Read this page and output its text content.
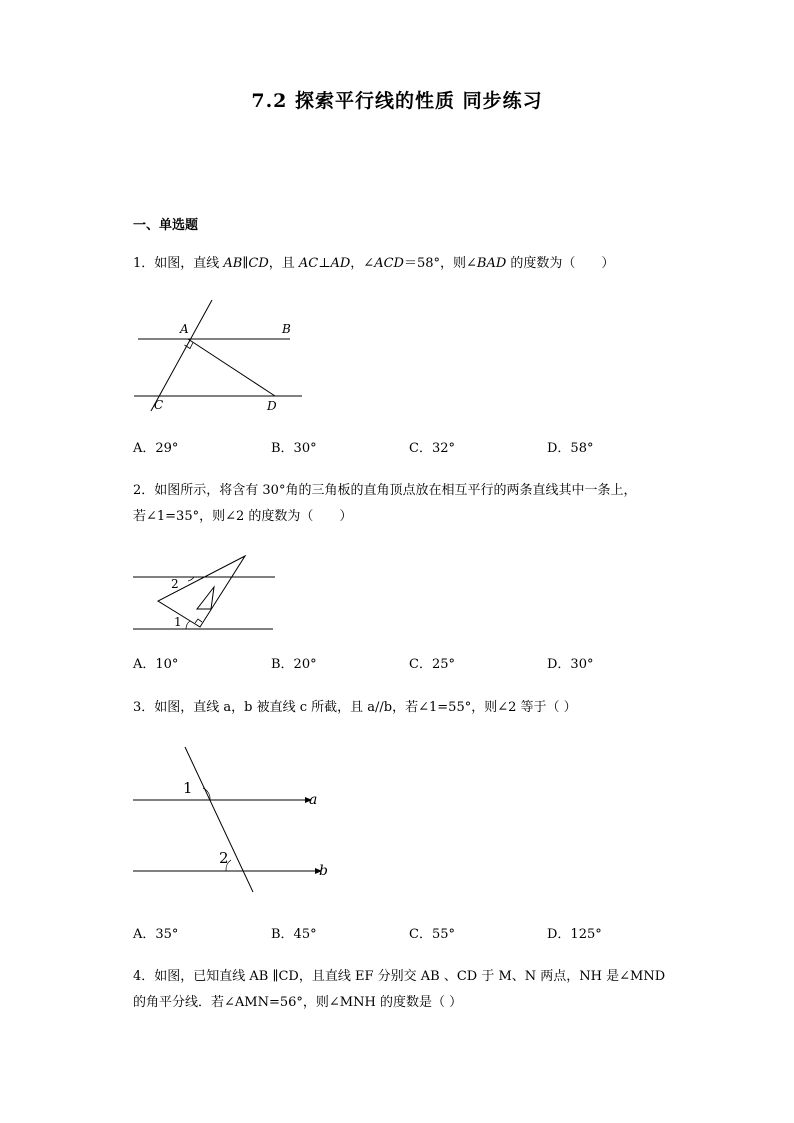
7.2 探索平行线的性质 同步练习
一、单选题
1．如图，直线 AB∥CD，且 AC⊥AD，∠ACD＝58°，则∠BAD 的度数为（　　）
A	B
C	D
A．29°	B．30°	C．32°	D．58°
2．如图所示，将含有 30°角的三角板的直角顶点放在相互平行的两条直线其中一条上，
若∠1=35°，则∠2 的度数为（　　）
2
1
A．10°	B．20°	C．25°	D．30°
3．如图，直线 a，b 被直线 c 所截，且 a//b，若∠1=55°，则∠2 等于（ ）
1
2
a
b
A．35°	B．45°	C．55°	D．125°
4．如图，已知直线 AB ∥CD，且直线 EF 分别交 AB 、CD 于 M、N 两点，NH 是∠MND
的角平分线．若∠AMN=56°，则∠MNH 的度数是（ ）
